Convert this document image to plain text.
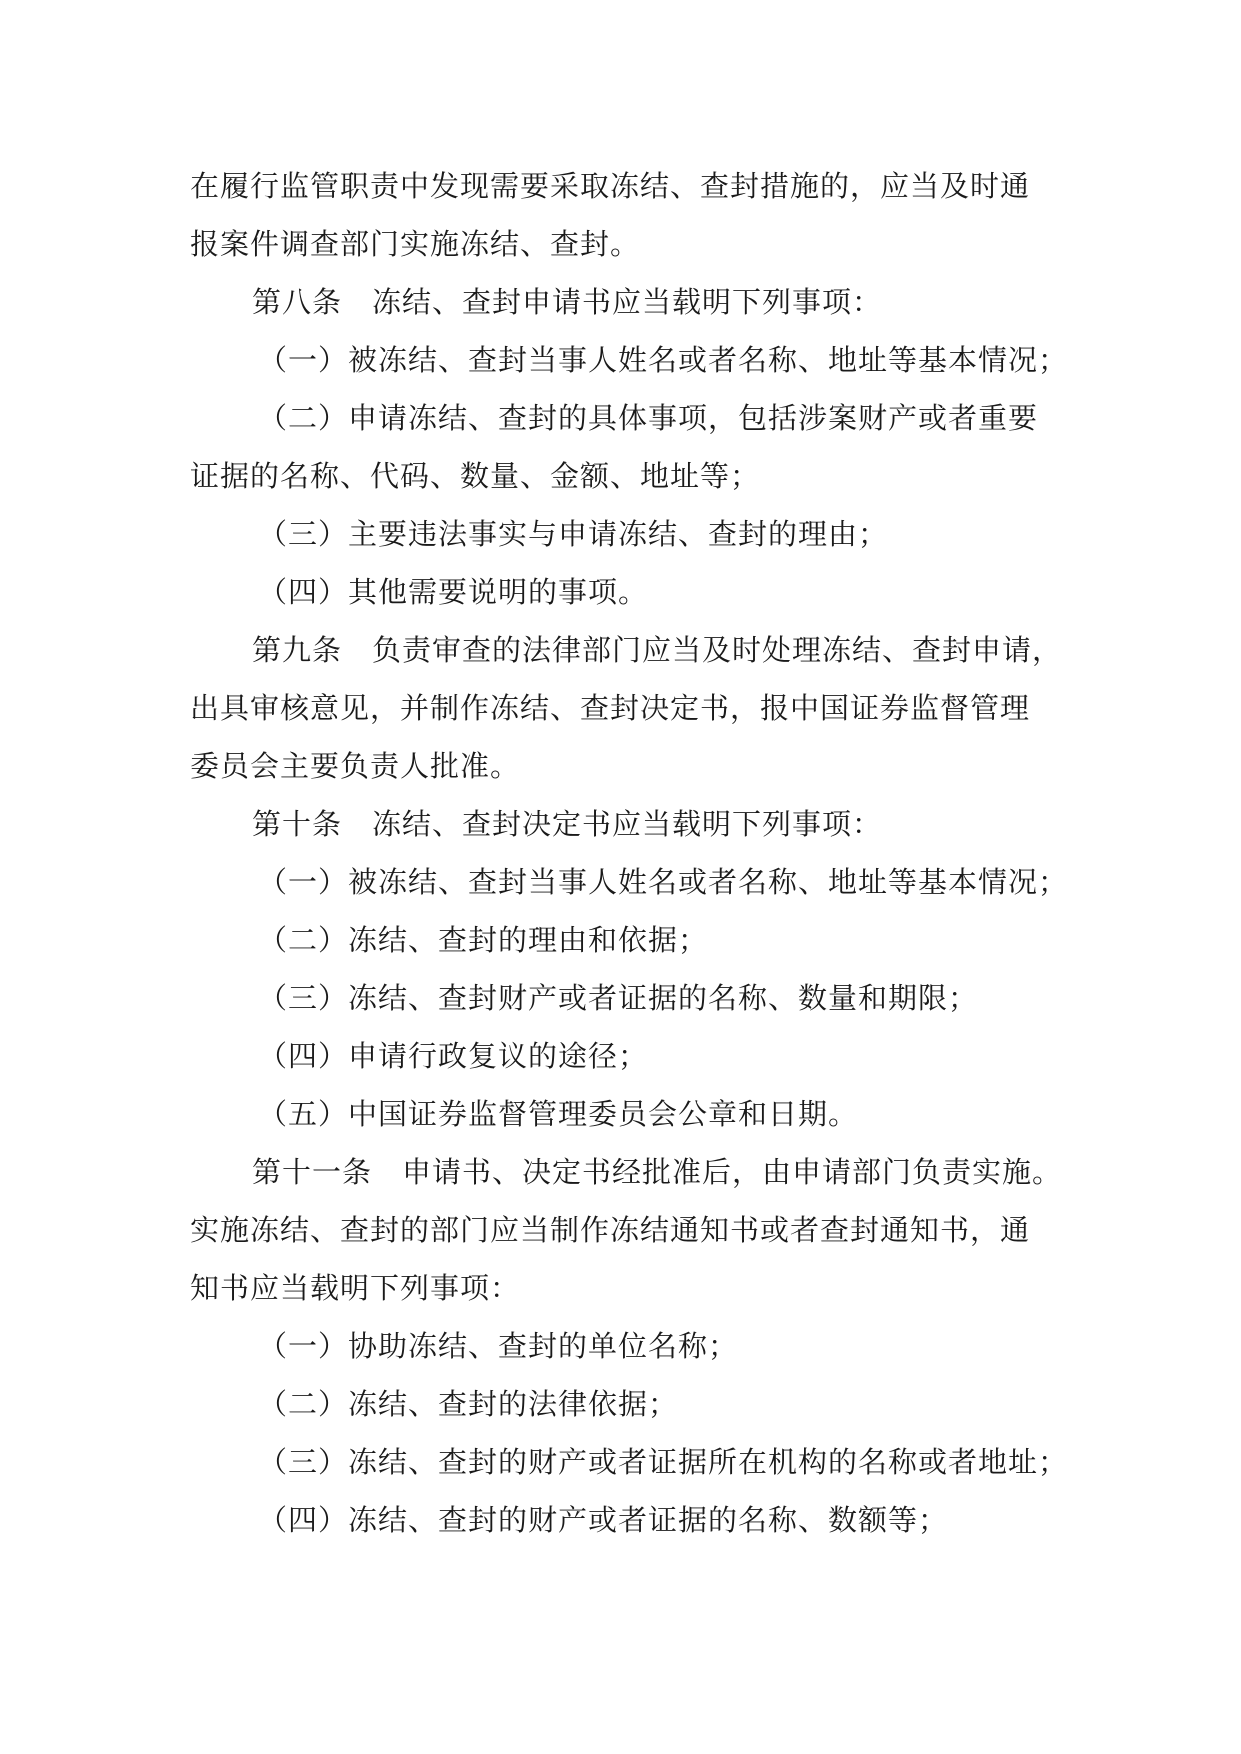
在履行监管职责中发现需要采取冻结、查封措施的，应当及时通
报案件调查部门实施冻结、查封。
第八条　冻结、查封申请书应当载明下列事项：
（一）被冻结、查封当事人姓名或者名称、地址等基本情况；
（二）申请冻结、查封的具体事项，包括涉案财产或者重要
证据的名称、代码、数量、金额、地址等；
（三）主要违法事实与申请冻结、查封的理由；
（四）其他需要说明的事项。
第九条　负责审查的法律部门应当及时处理冻结、查封申请，
出具审核意见，并制作冻结、查封决定书，报中国证券监督管理
委员会主要负责人批准。
第十条　冻结、查封决定书应当载明下列事项：
（一）被冻结、查封当事人姓名或者名称、地址等基本情况；
（二）冻结、查封的理由和依据；
（三）冻结、查封财产或者证据的名称、数量和期限；
（四）申请行政复议的途径；
（五）中国证券监督管理委员会公章和日期。
第十一条　申请书、决定书经批准后，由申请部门负责实施。
实施冻结、查封的部门应当制作冻结通知书或者查封通知书，通
知书应当载明下列事项：
（一）协助冻结、查封的单位名称；
（二）冻结、查封的法律依据；
（三）冻结、查封的财产或者证据所在机构的名称或者地址；
（四）冻结、查封的财产或者证据的名称、数额等；
